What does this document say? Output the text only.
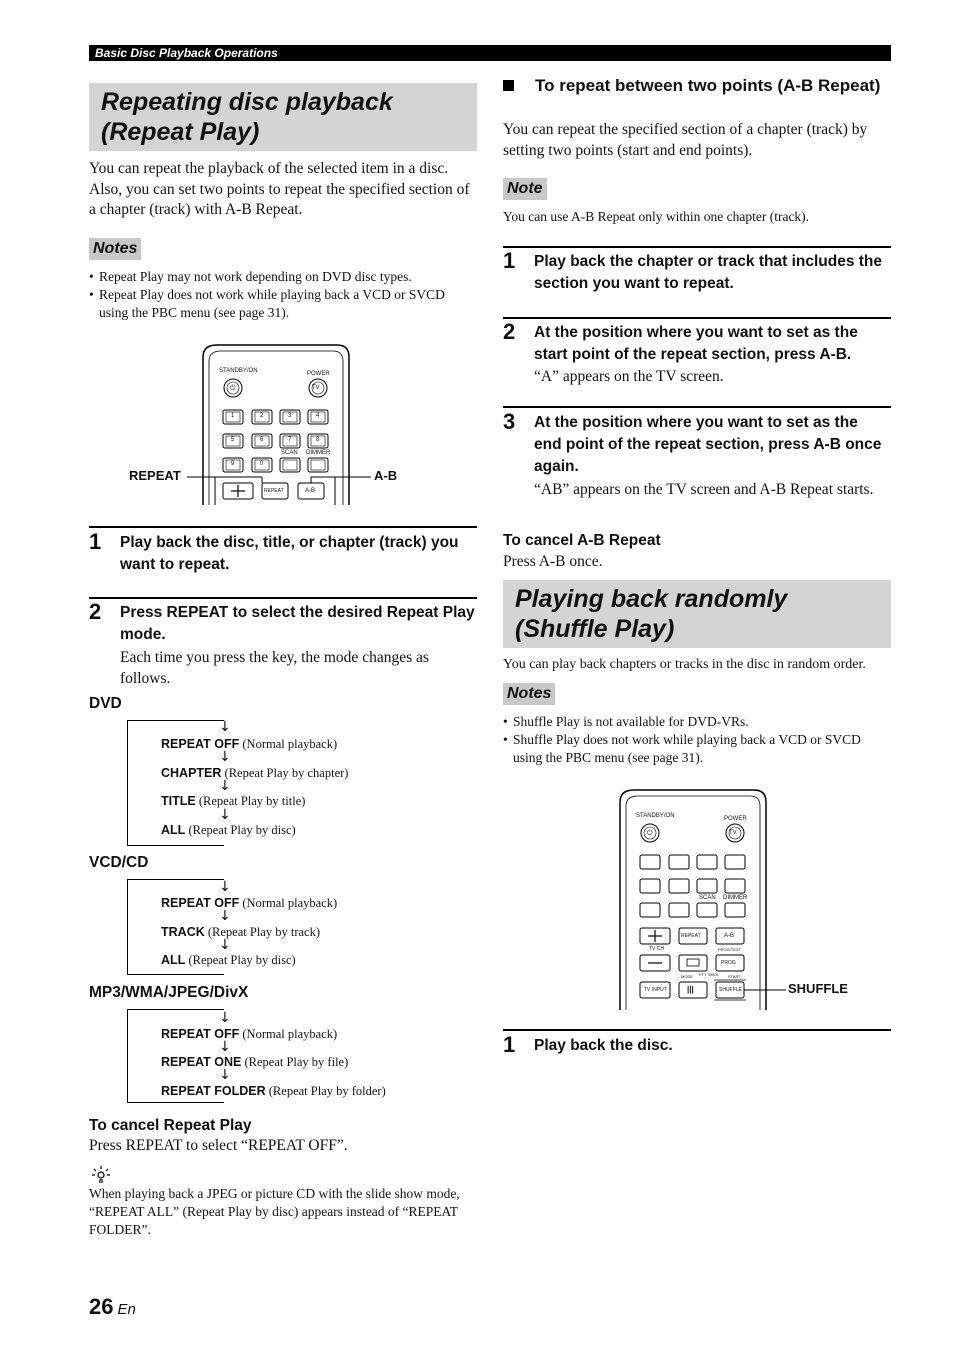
Basic Disc Playback Operations
Repeating disc playback
(Repeat Play)
You can repeat the playback of the selected item in a disc. Also, you can set two points to repeat the specified section of a chapter (track) with A-B Repeat.
Notes
• Repeat Play may not work depending on DVD disc types.
• Repeat Play does not work while playing back a VCD or SVCD using the PBC menu (see page 31).
STANDBY/ON	POWER
TV
⏻
1	2	3	4
5	6	7	8
9	0
SCAN DIMMER
REPEAT	A-B
REPEAT	A-B
1 Play back the disc, title, or chapter (track) you want to repeat.
2 Press REPEAT to select the desired Repeat Play mode.
Each time you press the key, the mode changes as follows.
DVD
↓
REPEAT OFF (Normal playback)
↓
CHAPTER (Repeat Play by chapter)
↓
TITLE (Repeat Play by title)
↓
ALL (Repeat Play by disc)
VCD/CD
↓
REPEAT OFF (Normal playback)
↓
TRACK (Repeat Play by track)
↓
ALL (Repeat Play by disc)
MP3/WMA/JPEG/DivX
↓
REPEAT OFF (Normal playback)
↓
REPEAT ONE (Repeat Play by file)
↓
REPEAT FOLDER (Repeat Play by folder)
To cancel Repeat Play
Press REPEAT to select “REPEAT OFF”.
When playing back a JPEG or picture CD with the slide show mode, “REPEAT ALL” (Repeat Play by disc) appears instead of “REPEAT FOLDER”.
26 En
To repeat between two points (A-B Repeat)
You can repeat the specified section of a chapter (track) by setting two points (start and end points).
Note
You can use A-B Repeat only within one chapter (track).
1 Play back the chapter or track that includes the section you want to repeat.
2 At the position where you want to set as the start point of the repeat section, press A-B.
“A” appears on the TV screen.
3 At the position where you want to set as the end point of the repeat section, press A-B once again.
“AB” appears on the TV screen and A-B Repeat starts.
To cancel A-B Repeat
Press A-B once.
Playing back randomly
(Shuffle Play)
You can play back chapters or tracks in the disc in random order.
Notes
• Shuffle Play is not available for DVD-VRs.
• Shuffle Play does not work while playing back a VCD or SVCD using the PBC menu (see page 31).
STANDBY/ON	POWER
TV
⏻
SCAN DIMMER
REPEAT	A-B
TV CH	PROG/TEXT
PROG
MODE PTY SEEK START
TV INPUT	|||	SHUFFLE	SHUFFLE
1 Play back the disc.
